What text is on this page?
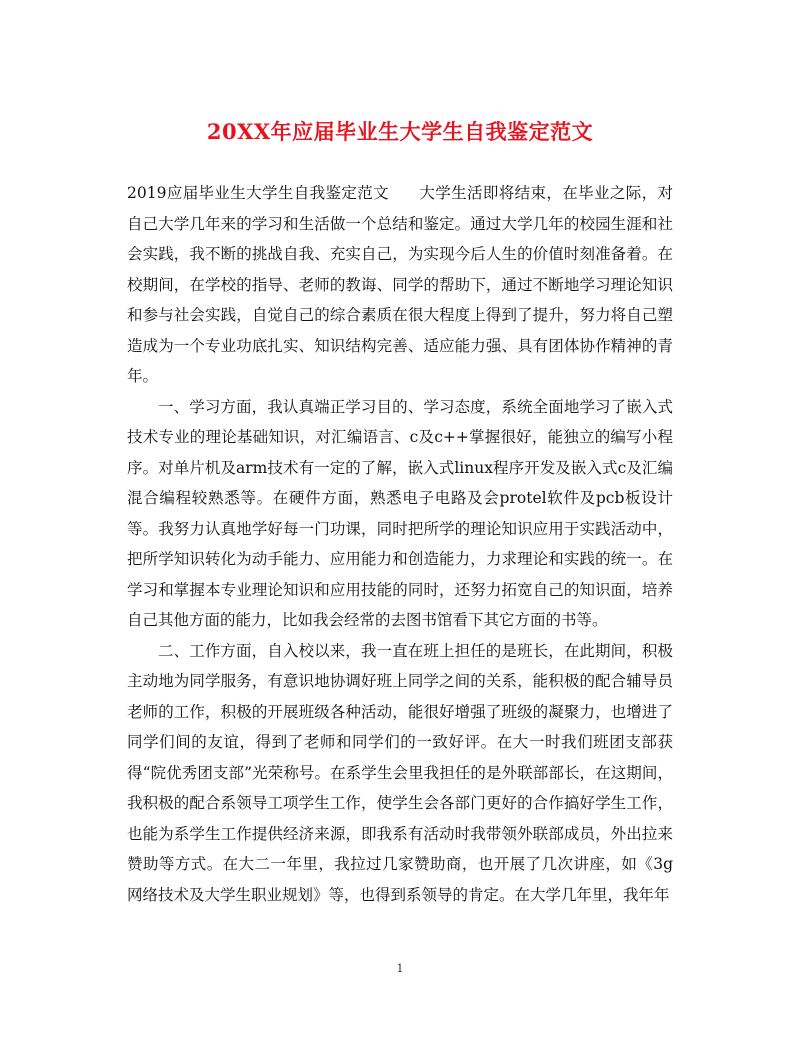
20XX年应届毕业生大学生自我鉴定范文

2019应届毕业生大学生自我鉴定范文 大学生活即将结束，在毕业之际，对自己大学几年来的学习和生活做一个总结和鉴定。通过大学几年的校园生涯和社会实践，我不断的挑战自我、充实自己，为实现今后人生的价值时刻准备着。在校期间，在学校的指导、老师的教诲、同学的帮助下，通过不断地学习理论知识和参与社会实践，自觉自己的综合素质在很大程度上得到了提升，努力将自己塑造成为一个专业功底扎实、知识结构完善、适应能力强、具有团体协作精神的青年。

一、学习方面，我认真端正学习目的、学习态度，系统全面地学习了嵌入式技术专业的理论基础知识，对汇编语言、c及c++掌握很好，能独立的编写小程序。对单片机及arm技术有一定的了解，嵌入式linux程序开发及嵌入式c及汇编混合编程较熟悉等。在硬件方面，熟悉电子电路及会protel软件及pcb板设计等。我努力认真地学好每一门功课，同时把所学的理论知识应用于实践活动中，把所学知识转化为动手能力、应用能力和创造能力，力求理论和实践的统一。在学习和掌握本专业理论知识和应用技能的同时，还努力拓宽自己的知识面，培养自己其他方面的能力，比如我会经常的去图书馆看下其它方面的书等。

二、工作方面，自入校以来，我一直在班上担任的是班长，在此期间，积极主动地为同学服务，有意识地协调好班上同学之间的关系，能积极的配合辅导员老师的工作，积极的开展班级各种活动，能很好增强了班级的凝聚力，也增进了同学们间的友谊，得到了老师和同学们的一致好评。在大一时我们班团支部获得“院优秀团支部”光荣称号。在系学生会里我担任的是外联部部长，在这期间，我积极的配合系领导工项学生工作，使学生会各部门更好的合作搞好学生工作，也能为系学生工作提供经济来源，即我系有活动时我带领外联部成员，外出拉来赞助等方式。在大二一年里，我拉过几家赞助商，也开展了几次讲座，如《3g网络技术及大学生职业规划》等，也得到系领导的肯定。在大学几年里，我年年

1
